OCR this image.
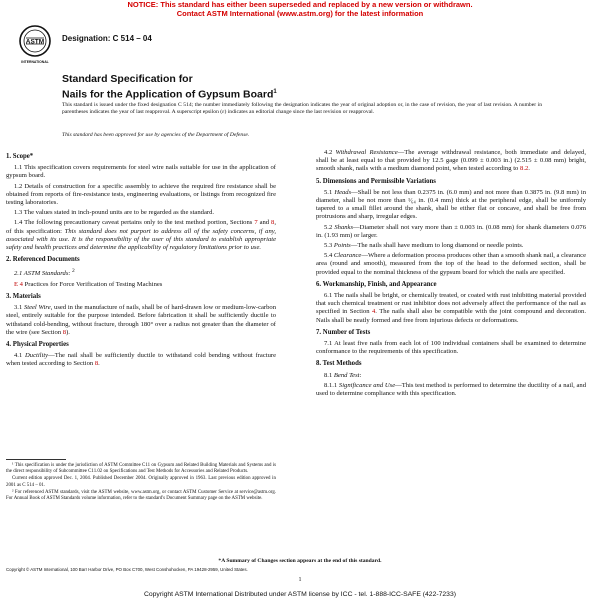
NOTICE: This standard has either been superseded and replaced by a new version or withdrawn.
Contact ASTM International (www.astm.org) for the latest information
ASTM
INTERNATIONAL
Designation: C 514 – 04
Standard Specification for
Nails for the Application of Gypsum Board$^1$
This standard is issued under the fixed designation C 514; the number immediately following the designation indicates the year of original adoption or, in the case of revision, the year of last revision. A number in parentheses indicates the year of last reapproval. A superscript epsilon (ε) indicates an editorial change since the last revision or reapproval.
This standard has been approved for use by agencies of the Department of Defense.
1. Scope*

1.1 This specification covers requirements for steel wire nails suitable for use in the application of gypsum board.

1.2 Details of construction for a specific assembly to achieve the required fire resistance shall be obtained from reports of fire-resistance tests, engineering evaluations, or listings from recognized fire testing laboratories.

1.3 The values stated in inch-pound units are to be regarded as the standard.

1.4 The following precautionary caveat pertains only to the test method portion, Sections 7 and 8, of this specification: This standard does not purport to address all of the safety concerns, if any, associated with its use. It is the responsibility of the user of this standard to establish appropriate safety and health practices and determine the applicability of regulatory limitations prior to use.

2. Referenced Documents

2.1 ASTM Standards: $^2$

E 4 Practices for Force Verification of Testing Machines

3. Materials

3.1 Steel Wire, used in the manufacture of nails, shall be of hard-drawn low or medium-low-carbon steel, entirely suitable for the purpose intended. Before fabrication it shall be sufficiently ductile to withstand cold-bending, without fracture, through 180° over a radius not greater than the diameter of the wire (see Section 8).

4. Physical Properties

4.1 Ductility—The nail shall be sufficiently ductile to withstand cold bending without fracture when tested according to Section 8.

¹ This specification is under the jurisdiction of ASTM Committee C11 on Gypsum and Related Building Materials and Systems and is the direct responsibility of Subcommittee C11.02 on Specifications and Test Methods for Accessories and Related Products.

Current edition approved Dec. 1, 2004. Published December 2004. Originally approved in 1963. Last previous edition approved in 2001 as C 514 – 01.

² For referenced ASTM standards, visit the ASTM website, www.astm.org, or contact ASTM Customer Service at service@astm.org. For Annual Book of ASTM Standards volume information, refer to the standard's Document Summary page on the ASTM website.

4.2 Withdrawal Resistance—The average withdrawal resistance, both immediate and delayed, shall be at least equal to that provided by 12.5 gage (0.099 ± 0.003 in.) (2.515 ± 0.08 mm) bright, smooth shank, nails with a medium diamond point, when tested according to 8.2.

5. Dimensions and Permissible Variations

5.1 Heads—Shall be not less than 0.2375 in. (6.0 mm) and not more than 0.3875 in. (9.8 mm) in diameter, shall be not more than ¹⁄₆₄ in. (0.4 mm) thick at the peripheral edge, shall be uniformly tapered to a small fillet around the shank, shall be either flat or concave, and shall be free from protrusions and sharp, irregular edges.

5.2 Shanks—Diameter shall not vary more than ± 0.003 in. (0.08 mm) for shank diameters 0.076 in. (1.93 mm) or larger.

5.3 Points—The nails shall have medium to long diamond or needle points.

5.4 Clearance—Where a deformation process produces other than a smooth shank nail, a clearance area (round and smooth), measured from the top of the head to the deformed section, shall be provided equal to the nominal thickness of the gypsum board for which the nails are specified.

6. Workmanship, Finish, and Appearance

6.1 The nails shall be bright, or chemically treated, or coated with rust inhibiting material provided that such chemical treatment or rust inhibitor does not adversely affect the performance of the nail as specified in Section 4. The nails shall also be compatible with the joint compound and decoration. Nails shall be neatly formed and free from injurious defects or deformations.

7. Number of Tests

7.1 At least five nails from each lot of 100 individual containers shall be examined to determine conformance to the requirements of this specification.

8. Test Methods

8.1 Bend Test:

8.1.1 Significance and Use—This test method is performed to determine the ductility of a nail, and used to determine compliance with this specification.

*A Summary of Changes section appears at the end of this standard.
Copyright © ASTM International, 100 Barr Harbor Drive, PO Box C700, West Conshohocken, PA 19428-2959, United States.
1
Copyright ASTM International Distributed under ASTM license by ICC - tel. 1-888-ICC-SAFE (422-7233)
